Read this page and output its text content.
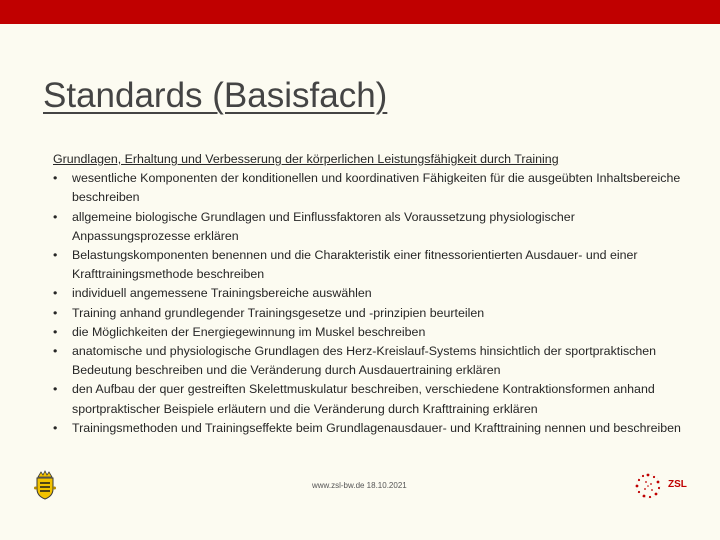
Standards (Basisfach)
Grundlagen, Erhaltung und Verbesserung der körperlichen Leistungsfähigkeit durch Training
•	wesentliche Komponenten der konditionellen und koordinativen Fähigkeiten für die ausgeübten Inhaltsbereiche beschreiben
•	allgemeine biologische Grundlagen und Einflussfaktoren als Voraussetzung physiologischer Anpassungsprozesse erklären
•	Belastungskomponenten benennen und die Charakteristik einer fitnessorientierten Ausdauer- und einer Krafttrainingsmethode beschreiben
•	individuell angemessene Trainingsbereiche auswählen
•	Training anhand grundlegender Trainingsgesetze und -prinzipien beurteilen
•	die Möglichkeiten der Energiegewinnung im Muskel beschreiben
•	anatomische und physiologische Grundlagen des Herz-Kreislauf-Systems hinsichtlich der sportpraktischen Bedeutung beschreiben und die Veränderung durch Ausdauertraining erklären
•	den Aufbau der quer gestreiften Skelettmuskulatur beschreiben, verschiedene Kontraktionsformen anhand sportpraktischer Beispiele erläutern und die Veränderung durch Krafttraining erklären
•	Trainingsmethoden und Trainingseffekte beim Grundlagenausdauer- und Krafttraining nennen und beschreiben
www.zsl-bw.de 18.10.2021	ZSL
